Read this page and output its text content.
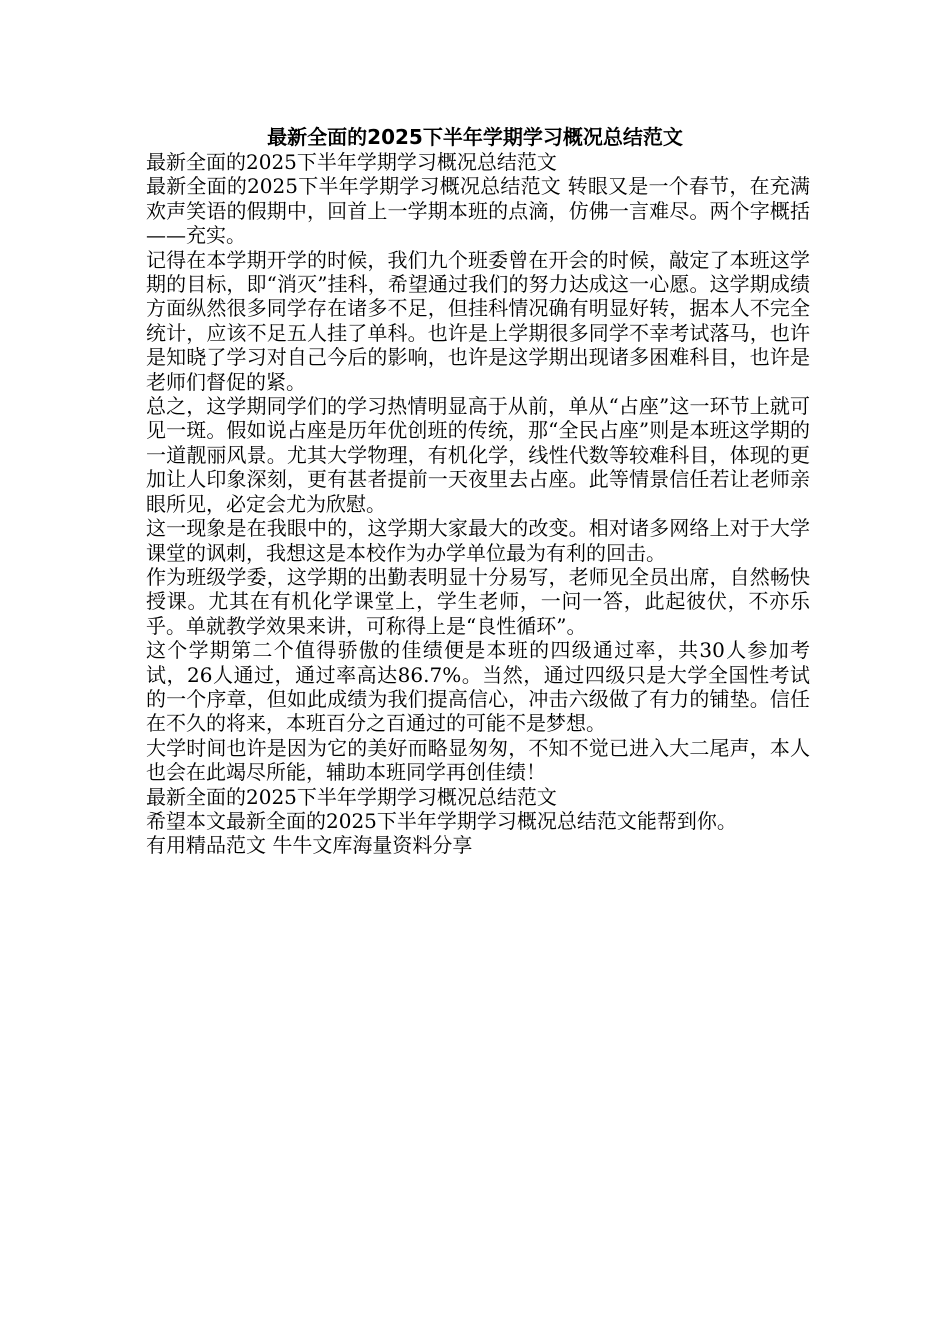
最新全面的2025下半年学期学习概况总结范文

最新全面的2025下半年学期学习概况总结范文

最新全面的2025下半年学期学习概况总结范文 转眼又是一个春节，在充满欢声笑语的假期中，回首上一学期本班的点滴，仿佛一言难尽。两个字概括——充实。

记得在本学期开学的时候，我们九个班委曾在开会的时候，敲定了本班这学期的目标，即“消灭”挂科，希望通过我们的努力达成这一心愿。这学期成绩方面纵然很多同学存在诸多不足，但挂科情况确有明显好转，据本人不完全统计，应该不足五人挂了单科。也许是上学期很多同学不幸考试落马，也许是知晓了学习对自己今后的影响，也许是这学期出现诸多困难科目，也许是老师们督促的紧。

总之，这学期同学们的学习热情明显高于从前，单从“占座”这一环节上就可见一斑。假如说占座是历年优创班的传统，那“全民占座”则是本班这学期的一道靓丽风景。尤其大学物理，有机化学，线性代数等较难科目，体现的更加让人印象深刻，更有甚者提前一天夜里去占座。此等情景信任若让老师亲眼所见，必定会尤为欣慰。

这一现象是在我眼中的，这学期大家最大的改变。相对诸多网络上对于大学课堂的讽刺，我想这是本校作为办学单位最为有利的回击。

作为班级学委，这学期的出勤表明显十分易写，老师见全员出席，自然畅快授课。尤其在有机化学课堂上，学生老师，一问一答，此起彼伏，不亦乐乎。单就教学效果来讲，可称得上是“良性循环”。

这个学期第二个值得骄傲的佳绩便是本班的四级通过率，共30人参加考试，26人通过，通过率高达86.7%。当然，通过四级只是大学全国性考试的一个序章，但如此成绩为我们提高信心，冲击六级做了有力的铺垫。信任在不久的将来，本班百分之百通过的可能不是梦想。

大学时间也许是因为它的美好而略显匆匆，不知不觉已进入大二尾声，本人也会在此竭尽所能，辅助本班同学再创佳绩！

最新全面的2025下半年学期学习概况总结范文

希望本文最新全面的2025下半年学期学习概况总结范文能帮到你。

有用精品范文 牛牛文库海量资料分享
